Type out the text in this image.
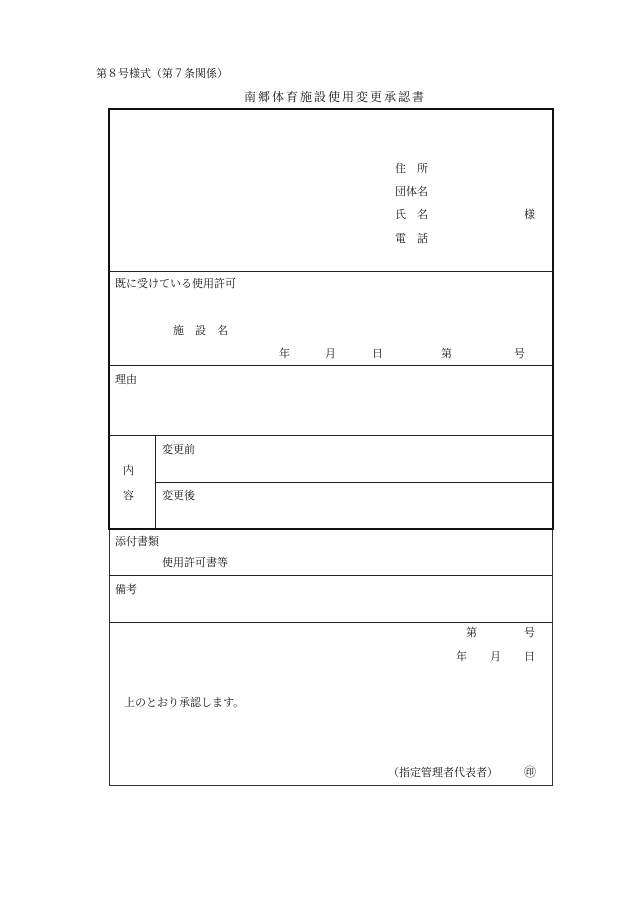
第８号様式（第７条関係）
南郷体育施設使用変更承認書
住　所
団体名
氏　名	様
電　話
既に受けている使用許可
施　設　名
年	月	日	第	号
理由
内
容
変更前
変更後
添付書類
使用許可書等
備考
第	号
年 月 日
上のとおり承認します。
（指定管理者代表者） ㊞
